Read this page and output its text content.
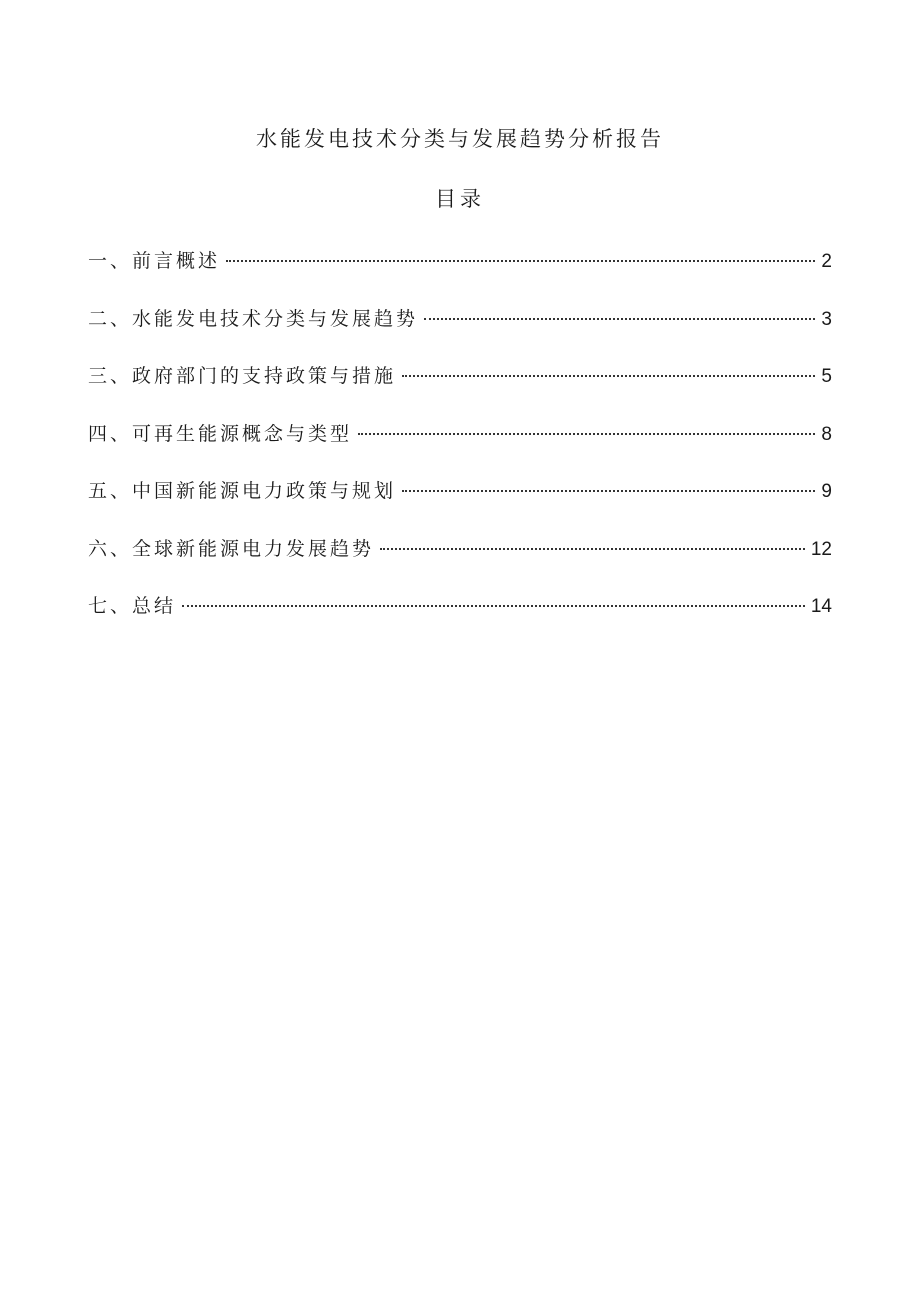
水能发电技术分类与发展趋势分析报告
目录
一、前言概述	2
二、水能发电技术分类与发展趋势	3
三、政府部门的支持政策与措施	5
四、可再生能源概念与类型	8
五、中国新能源电力政策与规划	9
六、全球新能源电力发展趋势	12
七、总结	14
